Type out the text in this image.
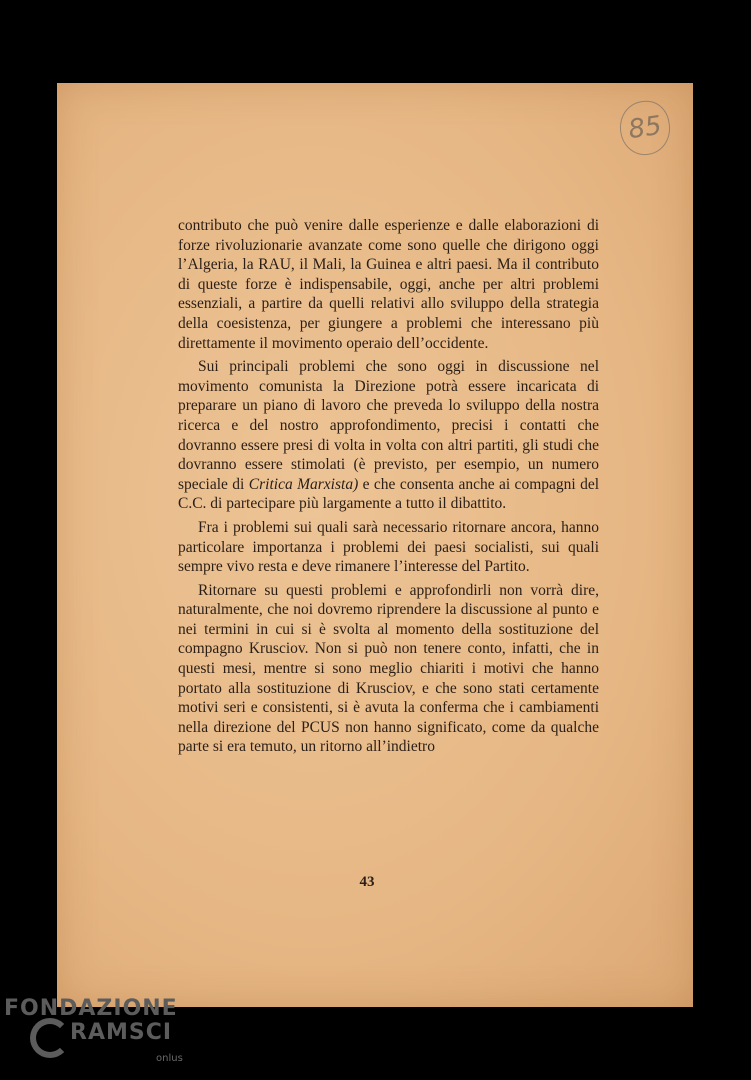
85

contributo che può venire dalle esperienze e dalle elaborazioni di forze rivoluzionarie avanzate come sono quelle che dirigono oggi l’Algeria, la RAU, il Mali, la Guinea e altri paesi. Ma il contributo di queste forze è indispensabile, oggi, anche per altri problemi essenziali, a partire da quelli relativi allo sviluppo della strategia della coesistenza, per giungere a problemi che interessano più direttamente il movimento operaio dell’occidente.

Sui principali problemi che sono oggi in discussione nel movimento comunista la Direzione potrà essere incaricata di preparare un piano di lavoro che preveda lo sviluppo della nostra ricerca e del nostro approfondimento, precisi i contatti che dovranno essere presi di volta in volta con altri partiti, gli studi che dovranno essere stimolati (è previsto, per esempio, un numero speciale di Critica Marxista) e che consenta anche ai compagni del C.C. di partecipare più largamente a tutto il dibattito.

Fra i problemi sui quali sarà necessario ritornare ancora, hanno particolare importanza i problemi dei paesi socialisti, sui quali sempre vivo resta e deve rimanere l’interesse del Partito.

Ritornare su questi problemi e approfondirli non vorrà dire, naturalmente, che noi dovremo riprendere la discussione al punto e nei termini in cui si è svolta al momento della sostituzione del compagno Krusciov. Non si può non tenere conto, infatti, che in questi mesi, mentre si sono meglio chiariti i motivi che hanno portato alla sostituzione di Krusciov, e che sono stati certamente motivi seri e consistenti, si è avuta la conferma che i cambiamenti nella direzione del PCUS non hanno significato, come da qualche parte si era temuto, un ritorno all’indietro

43
FONDAZIONE
RAMSCI
onlus
